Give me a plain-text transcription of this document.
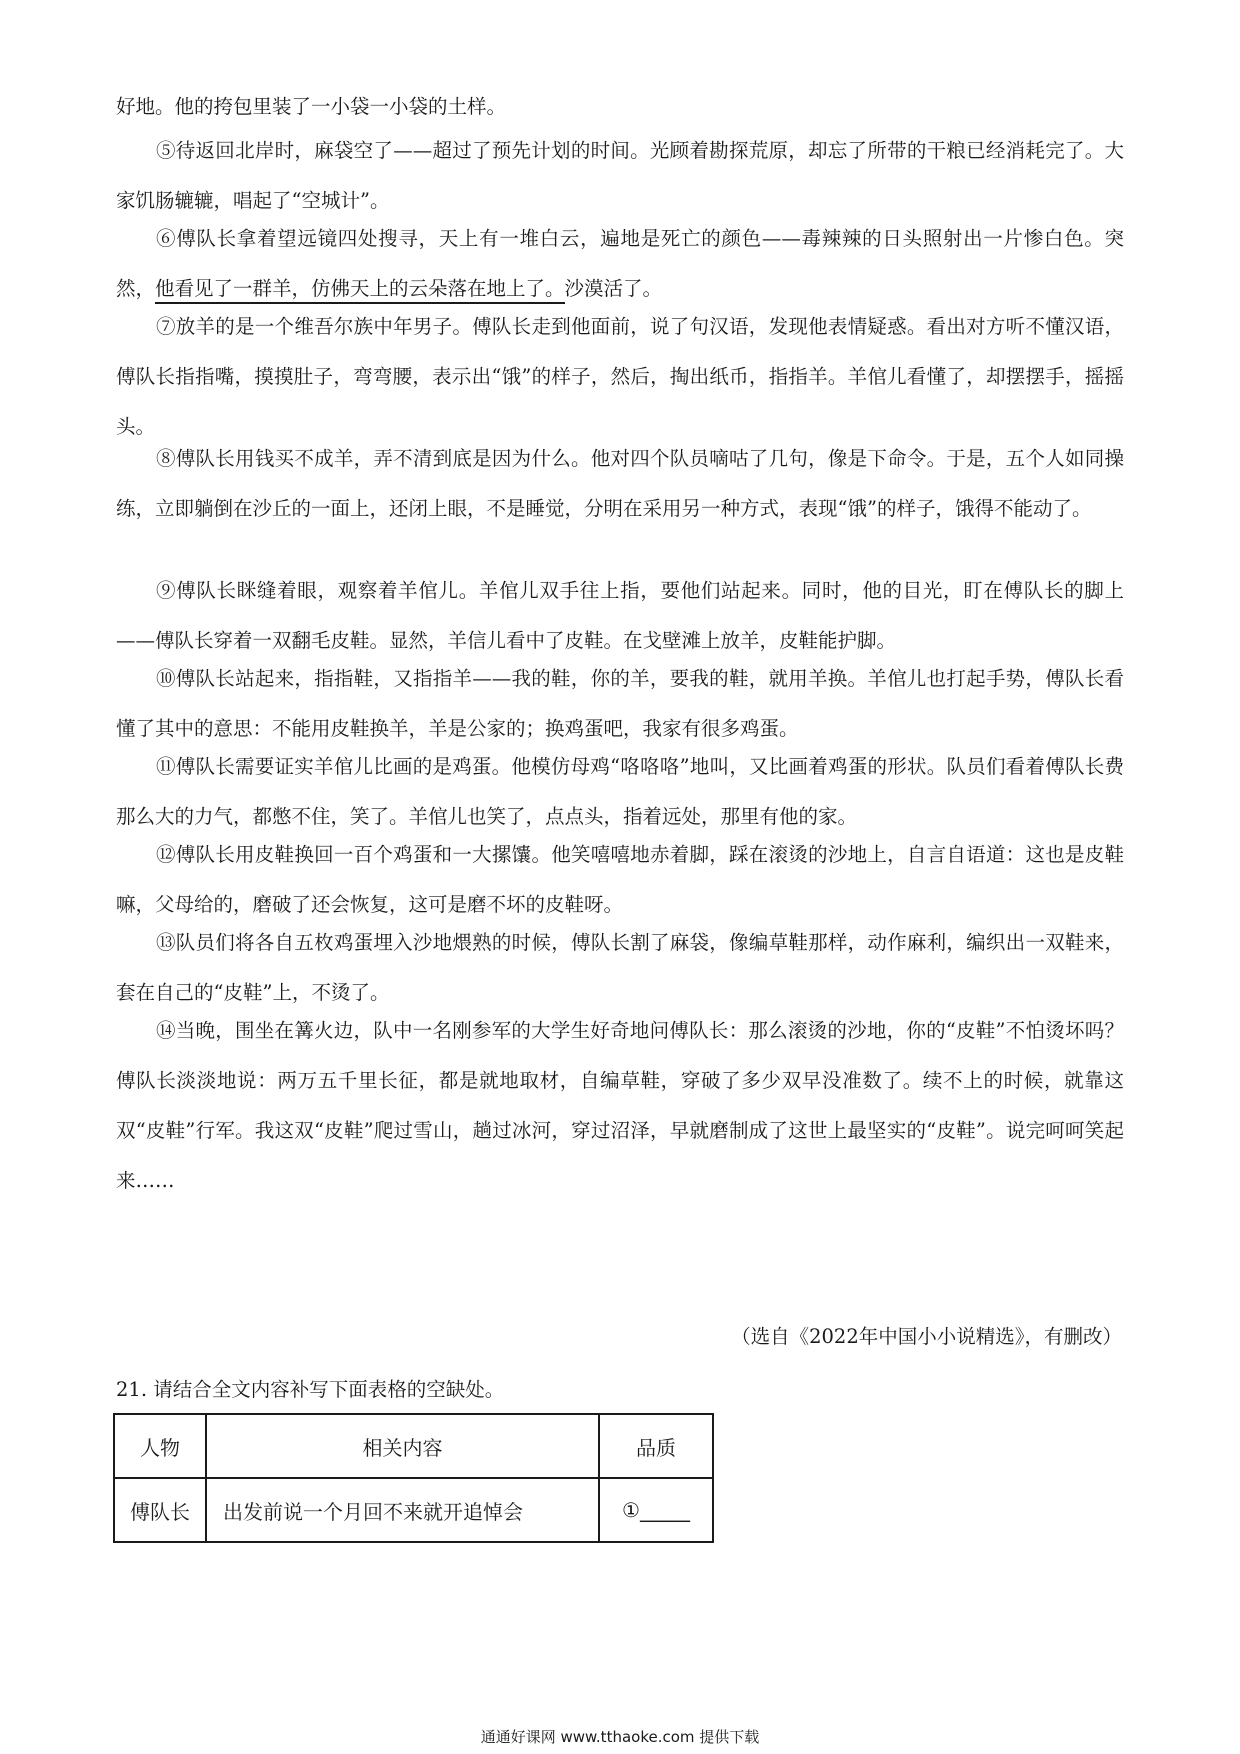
好地。他的挎包里装了一小袋一小袋的土样。

⑤待返回北岸时，麻袋空了——超过了预先计划的时间。光顾着勘探荒原，却忘了所带的干粮已经消耗完了。大家饥肠辘辘，唱起了“空城计”。

⑥傅队长拿着望远镜四处搜寻，天上有一堆白云，遍地是死亡的颜色——毒辣辣的日头照射出一片惨白色。突然，他看见了一群羊，仿佛天上的云朵落在地上了。沙漠活了。

⑦放羊的是一个维吾尔族中年男子。傅队长走到他面前，说了句汉语，发现他表情疑惑。看出对方听不懂汉语，傅队长指指嘴，摸摸肚子，弯弯腰，表示出“饿”的样子，然后，掏出纸币，指指羊。羊倌儿看懂了，却摆摆手，摇摇头。

⑧傅队长用钱买不成羊，弄不清到底是因为什么。他对四个队员嘀咕了几句，像是下命令。于是，五个人如同操练，立即躺倒在沙丘的一面上，还闭上眼，不是睡觉，分明在采用另一种方式，表现“饿”的样子，饿得不能动了。

⑨傅队长眯缝着眼，观察着羊倌儿。羊倌儿双手往上指，要他们站起来。同时，他的目光，盯在傅队长的脚上——傅队长穿着一双翻毛皮鞋。显然，羊信儿看中了皮鞋。在戈壁滩上放羊，皮鞋能护脚。

⑩傅队长站起来，指指鞋，又指指羊——我的鞋，你的羊，要我的鞋，就用羊换。羊倌儿也打起手势，傅队长看懂了其中的意思：不能用皮鞋换羊，羊是公家的；换鸡蛋吧，我家有很多鸡蛋。

⑪傅队长需要证实羊倌儿比画的是鸡蛋。他模仿母鸡“咯咯咯”地叫，又比画着鸡蛋的形状。队员们看着傅队长费那么大的力气，都憋不住，笑了。羊倌儿也笑了，点点头，指着远处，那里有他的家。

⑫傅队长用皮鞋换回一百个鸡蛋和一大摞馕。他笑嘻嘻地赤着脚，踩在滚烫的沙地上，自言自语道：这也是皮鞋嘛，父母给的，磨破了还会恢复，这可是磨不坏的皮鞋呀。

⑬队员们将各自五枚鸡蛋埋入沙地煨熟的时候，傅队长割了麻袋，像编草鞋那样，动作麻利，编织出一双鞋来，套在自己的“皮鞋”上，不烫了。

⑭当晚，围坐在篝火边，队中一名刚参军的大学生好奇地问傅队长：那么滚烫的沙地，你的“皮鞋”不怕烫坏吗？傅队长淡淡地说：两万五千里长征，都是就地取材，自编草鞋，穿破了多少双早没准数了。续不上的时候，就靠这双“皮鞋”行军。我这双“皮鞋”爬过雪山，趟过冰河，穿过沼泽，早就磨制成了这世上最坚实的“皮鞋”。说完呵呵笑起来……

（选自《2022年中国小小说精选》，有删改）
21. 请结合全文内容补写下面表格的空缺处。
人物	相关内容	品质
傅队长	出发前说一个月回不来就开追悼会	①_____
通通好课网 www.tthaoke.com 提供下载
